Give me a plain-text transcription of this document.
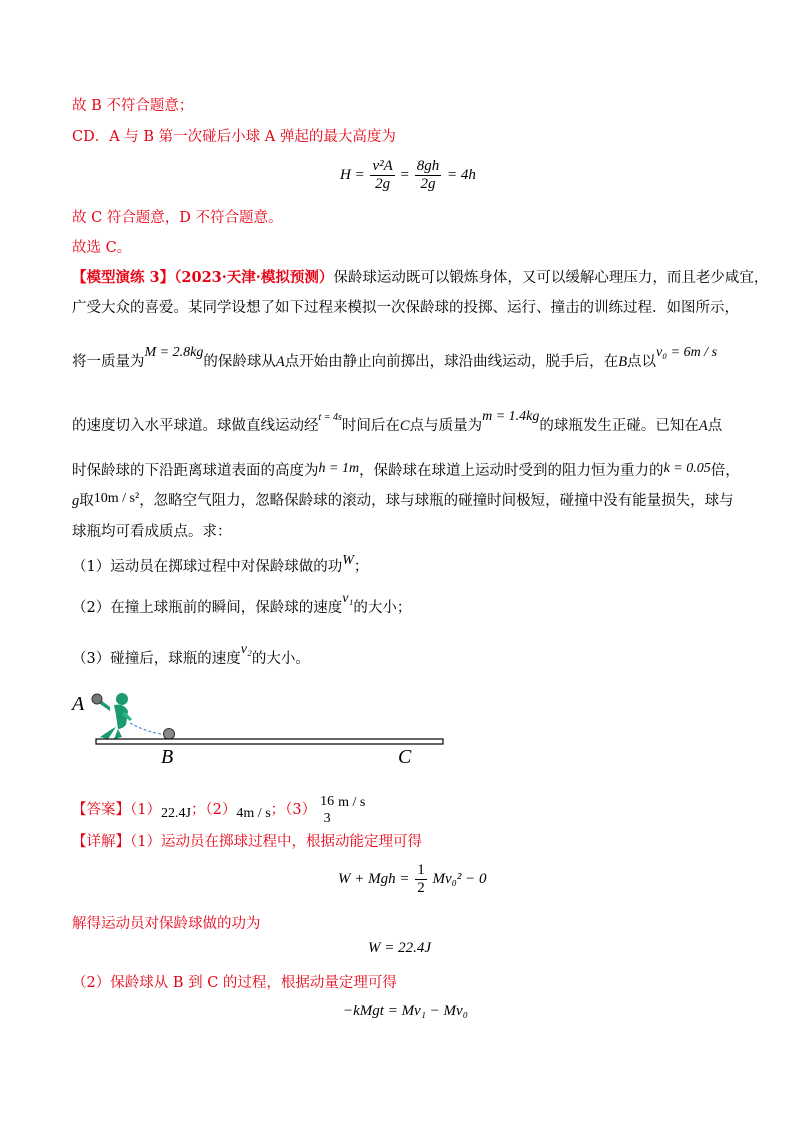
故 B 不符合题意；
CD．A 与 B 第一次碰后小球 A 弹起的最大高度为
$H = \frac{\text{v²A}}{2g} = \frac{8gh}{2g} = 4h$
故 C 符合题意，D 不符合题意。
故选 C。
【模型演练 3】（2023·天津·模拟预测）保龄球运动既可以锻炼身体，又可以缓解心理压力，而且老少咸宜，
广受大众的喜爱。某同学设想了如下过程来模拟一次保龄球的投掷、运行、撞击的训练过程．如图所示，
将一质量为M = 2.8kg的保龄球从A点开始由静止向前掷出，球沿曲线运动，脱手后，在B点以v₀ = 6m / s
的速度切入水平球道。球做直线运动经$^{t = 4s}$时间后在C点与质量为m = 1.4kg的球瓶发生正碰。已知在A点
时保龄球的下沿距离球道表面的高度为h = 1m，保龄球在球道上运动时受到的阻力恒为重力的k = 0.05倍，
g取10m / s²，忽略空气阻力，忽略保龄球的滚动，球与球瓶的碰撞时间极短，碰撞中没有能量损失，球与
球瓶均可看成质点。求：
（1）运动员在掷球过程中对保龄球做的功W；
（2）在撞上球瓶前的瞬间，保龄球的速度v₁的大小；
（3）碰撞后，球瓶的速度v₂的大小。
A
B	C
【答案】（1）22.4J；（2）4m / s；（3）
16
3
m / s
【详解】（1）运动员在掷球过程中，根据动能定理可得
W + Mgh = $\frac{1}{2} Mv_0^2 - 0$
解得运动员对保龄球做的功为
W = 22.4J
（2）保龄球从 B 到 C 的过程，根据动量定理可得
−kMgt = Mv₁ − Mv₀
